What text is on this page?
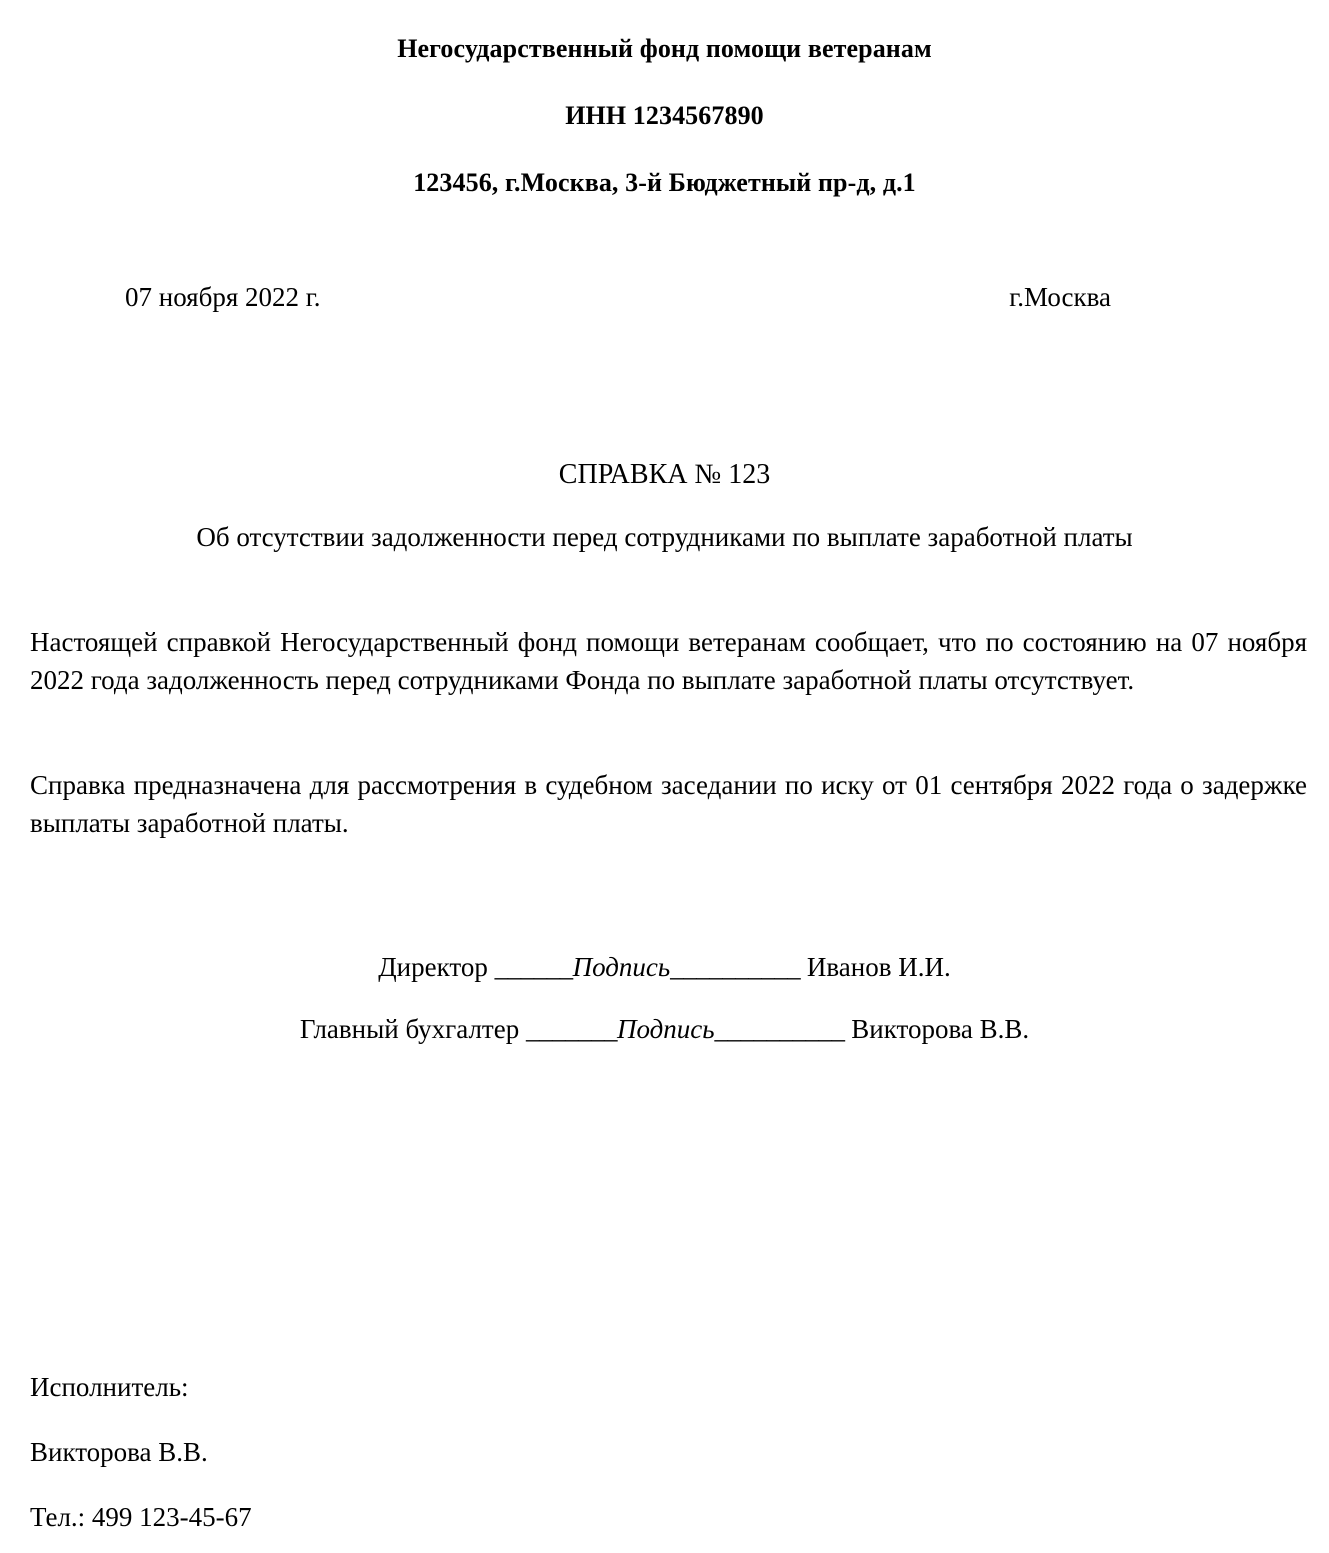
Негосударственный фонд помощи ветеранам
ИНН 1234567890
123456, г.Москва, 3-й Бюджетный пр-д, д.1
07 ноября 2022 г.	г.Москва
СПРАВКА № 123
Об отсутствии задолженности перед сотрудниками по выплате заработной платы

Настоящей справкой Негосударственный фонд помощи ветеранам сообщает, что по состоянию на 07 ноября 2022 года задолженность перед сотрудниками Фонда по выплате заработной платы отсутствует.

Справка предназначена для рассмотрения в судебном заседании по иску от 01 сентября 2022 года о задержке выплаты заработной платы.

Директор ______Подпись__________ Иванов И.И.
Главный бухгалтер _______Подпись__________ Викторова В.В.
Исполнитель:
Викторова В.В.
Тел.: 499 123-45-67
